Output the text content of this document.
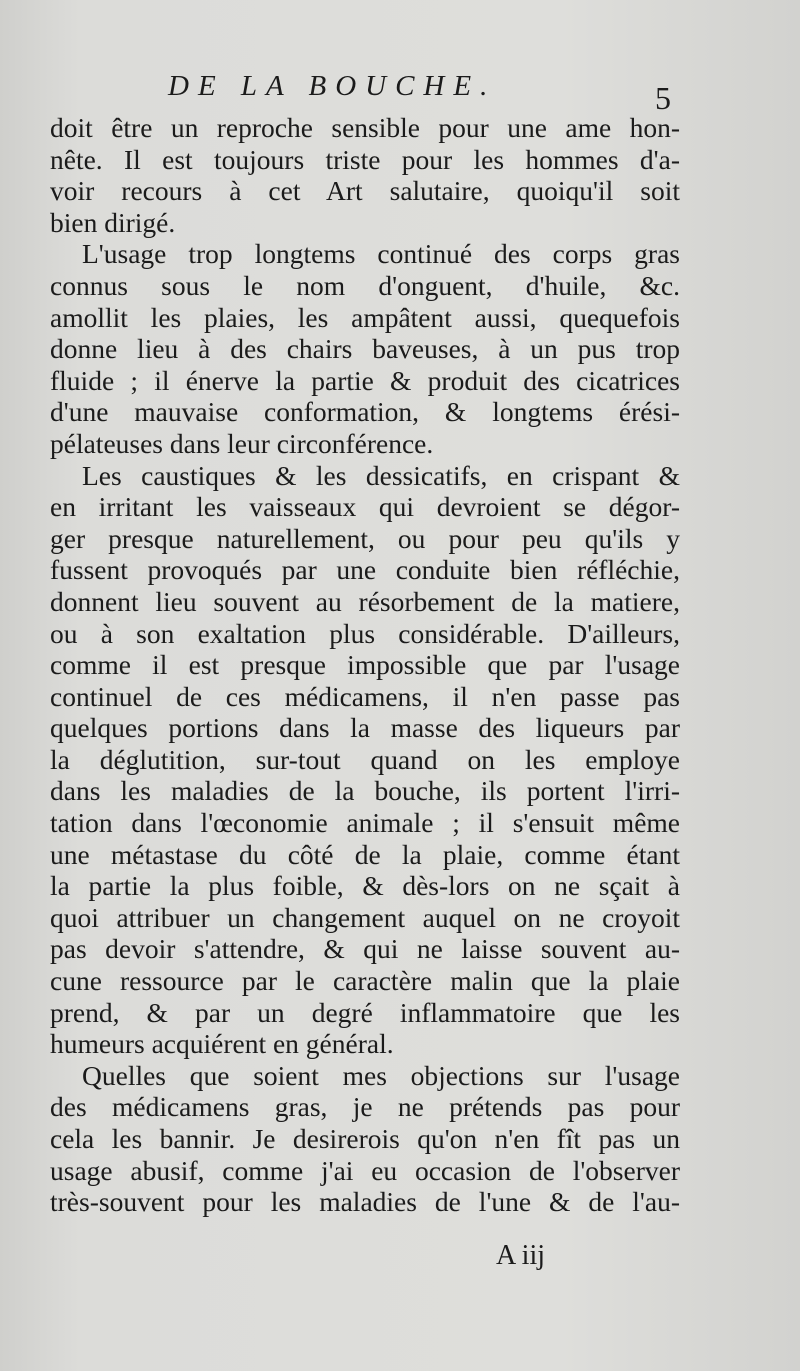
DE LA BOUCHE.	5
doit être un reproche sensible pour une ame hon-
nête. Il est toujours triste pour les hommes d'a-
voir recours à cet Art salutaire, quoiqu'il soit
bien dirigé.
L'usage trop longtems continué des corps gras
connus sous le nom d'onguent, d'huile, &c.
amollit les plaies, les ampâtent aussi, quequefois
donne lieu à des chairs baveuses, à un pus trop
fluide ; il énerve la partie & produit des cicatrices
d'une mauvaise conformation, & longtems érési-
pélateuses dans leur circonférence.
Les caustiques & les dessicatifs, en crispant &
en irritant les vaisseaux qui devroient se dégor-
ger presque naturellement, ou pour peu qu'ils y
fussent provoqués par une conduite bien réfléchie,
donnent lieu souvent au résorbement de la matiere,
ou à son exaltation plus considérable. D'ailleurs,
comme il est presque impossible que par l'usage
continuel de ces médicamens, il n'en passe pas
quelques portions dans la masse des liqueurs par
la déglutition, sur-tout quand on les employe
dans les maladies de la bouche, ils portent l'irri-
tation dans l'œconomie animale ; il s'ensuit même
une métastase du côté de la plaie, comme étant
la partie la plus foible, & dès-lors on ne sçait à
quoi attribuer un changement auquel on ne croyoit
pas devoir s'attendre, & qui ne laisse souvent au-
cune ressource par le caractère malin que la plaie
prend, & par un degré inflammatoire que les
humeurs acquiérent en général.
Quelles que soient mes objections sur l'usage
des médicamens gras, je ne prétends pas pour
cela les bannir. Je desirerois qu'on n'en fît pas un
usage abusif, comme j'ai eu occasion de l'observer
très-souvent pour les maladies de l'une & de l'au-
A iij
